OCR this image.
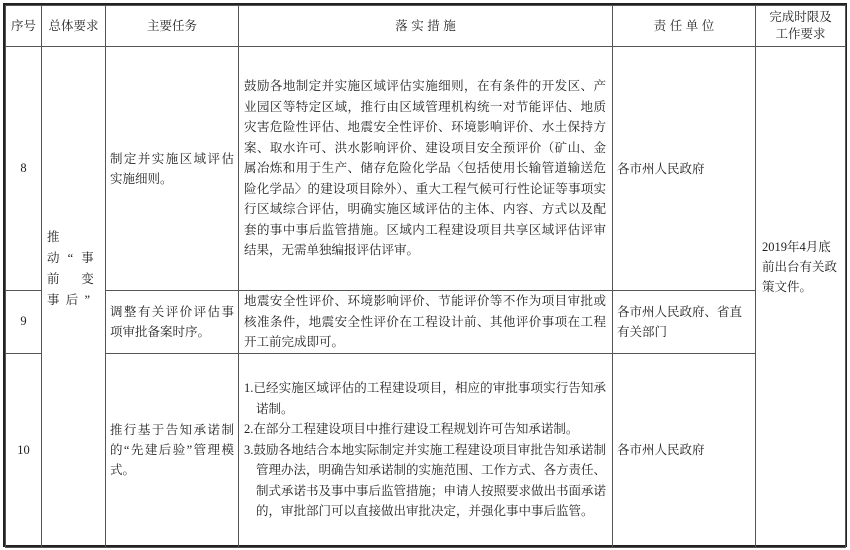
序号	总体要求	主要任务	落 实 措 施	责 任 单 位	完成时限及
工作要求
8	推动“事前变事后”	制定并实施区域评估实施细则。	鼓励各地制定并实施区域评估实施细则，在有条件的开发区、产业园区等特定区域，推行由区域管理机构统一对节能评估、地质灾害危险性评估、地震安全性评价、环境影响评价、水土保持方案、取水许可、洪水影响评价、建设项目安全预评价（矿山、金属冶炼和用于生产、储存危险化学品〈包括使用长输管道输送危险化学品〉的建设项目除外）、重大工程气候可行性论证等事项实行区域综合评估，明确实施区域评估的主体、内容、方式以及配套的事中事后监管措施。区域内工程建设项目共享区域评估评审结果，无需单独编报评估评审。	各市州人民政府	2019年4月底前出台有关政策文件。

9		调整有关评价评估事项审批备案时序。	地震安全性评价、环境影响评价、节能评价等不作为项目审批或核准条件，地震安全性评价在工程设计前、其他评价事项在工程开工前完成即可。	各市州人民政府、省直有关部门	
10		推行基于告知承诺制的“先建后验”管理模式。	1.已经实施区域评估的工程建设项目，相应的审批事项实行告知承诺制。
2.在部分工程建设项目中推行建设工程规划许可告知承诺制。
3.鼓励各地结合本地实际制定并实施工程建设项目审批告知承诺制管理办法，明确告知承诺制的实施范围、工作方式、各方责任、制式承诺书及事中事后监管措施；申请人按照要求做出书面承诺的，审批部门可以直接做出审批决定，并强化事中事后监管。	各市州人民政府	
